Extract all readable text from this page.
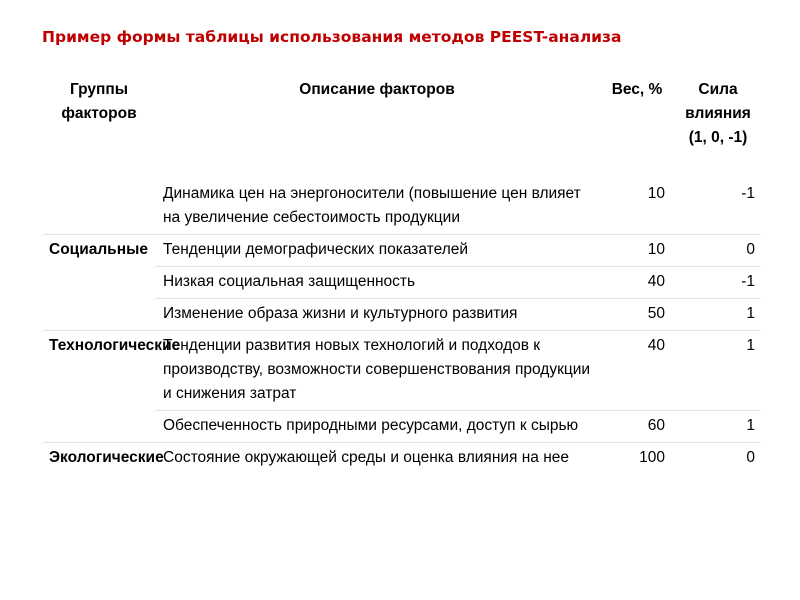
Пример формы таблицы использования методов PEEST-анализа
Группы факторов	Описание факторов	Вес, %	Сила влияния (1, 0, -1)
	Динамика цен на энергоносители (повышение цен влияет на увеличение себестоимость продукции	10	-1
Социальные	Тенденции демографических показателей	10	0
	Низкая социальная защищенность	40	-1
	Изменение образа жизни и культурного развития	50	1
Технологические	Тенденции развития новых технологий и подходов к производству, возможности совершенствования продукции и снижения затрат	40	1
	Обеспеченность природными ресурсами, доступ к сырью	60	1
Экологические	Состояние окружающей среды и оценка влияния на нее	100	0
